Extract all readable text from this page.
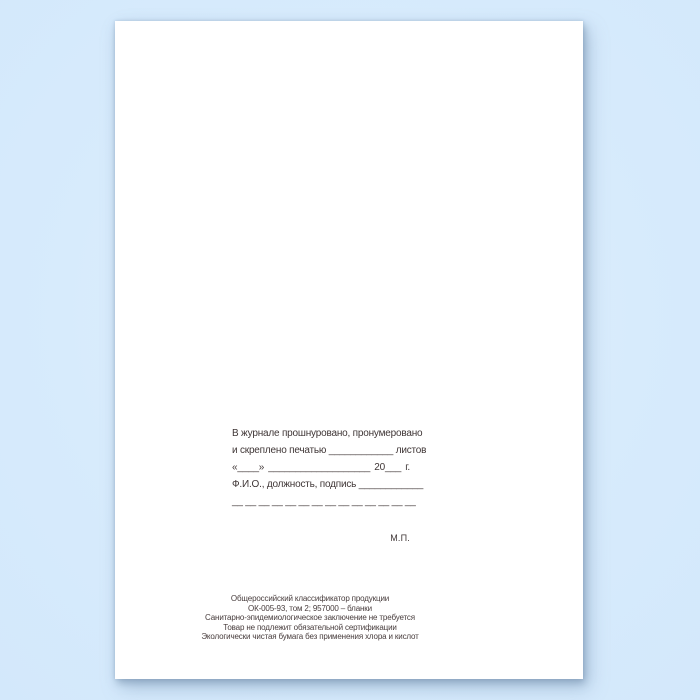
В журнале прошнуровано, пронумеровано
и скреплено печатью ____________ листов
«____» ___________________ 20___ г.
Ф.И.О., должность, подпись ____________
__ __ __ __ __ __ __ __ __ __ __ __ __ __
М.П.
Общероссийский классификатор продукции
ОК-005-93, том 2; 957000 – бланки
Санитарно-эпидемиологическое заключение не требуется
Товар не подлежит обязательной сертификации
Экологически чистая бумага без применения хлора и кислот
